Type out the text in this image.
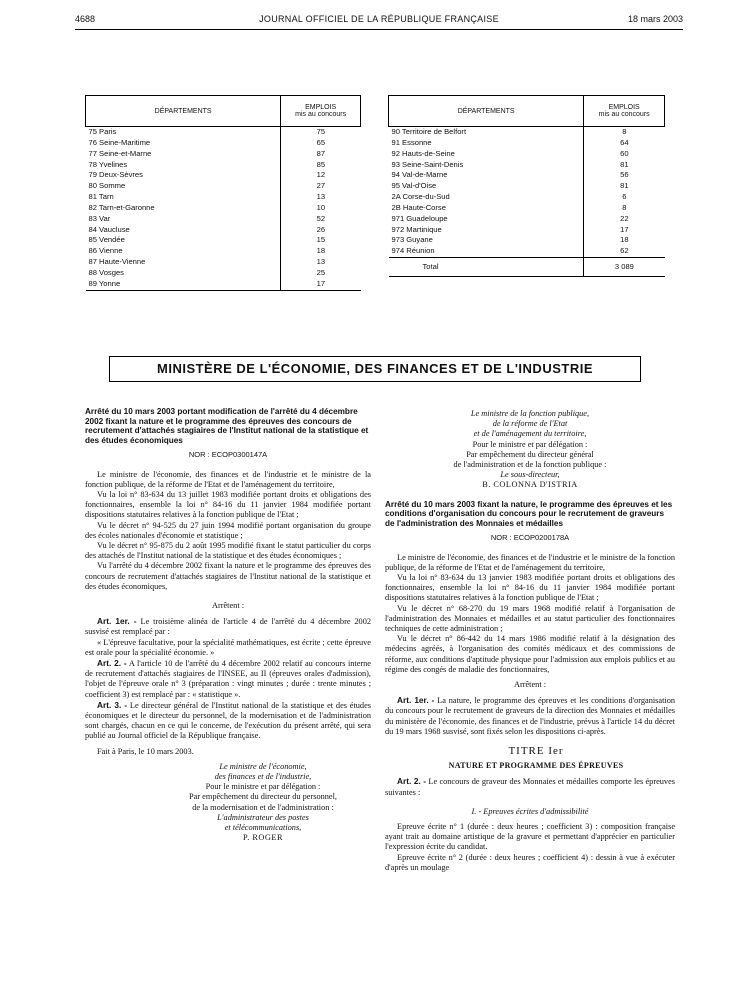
4688	JOURNAL OFFICIEL DE LA RÉPUBLIQUE FRANÇAISE	18 mars 2003
DÉPARTEMENTS	EMPLOIS
mis au concours

75 Paris	75
76 Seine-Maritime	65
77 Seine-et-Marne	87
78 Yvelines	85
79 Deux-Sèvres	12
80 Somme	27
81 Tarn	13
82 Tarn-et-Garonne	10
83 Var	52
84 Vaucluse	26
85 Vendée	15
86 Vienne	18
87 Haute-Vienne	13
88 Vosges	25
89 Yonne	17
DÉPARTEMENTS	EMPLOIS
mis au concours

90 Territoire de Belfort	8
91 Essonne	64
92 Hauts-de-Seine	60
93 Seine-Saint-Denis	81
94 Val-de-Marne	56
95 Val-d'Oise	81
2A Corse-du-Sud	6
2B Haute-Corse	8
971 Guadeloupe	22
972 Martinique	17
973 Guyane	18
974 Réunion	62
Total	3 089
MINISTÈRE DE L'ÉCONOMIE, DES FINANCES ET DE L'INDUSTRIE

Arrêté du 10 mars 2003 portant modification de l'arrêté du 4 décembre 2002 fixant la nature et le programme des épreuves des concours de recrutement d'attachés stagiaires de l'Institut national de la statistique et des études économiques

NOR : ECOP0300147A

Le ministre de l'économie, des finances et de l'industrie et le ministre de la fonction publique, de la réforme de l'Etat et de l'aménagement du territoire,

Vu la loi n° 83-634 du 13 juillet 1983 modifiée portant droits et obligations des fonctionnaires, ensemble la loi n° 84-16 du 11 janvier 1984 modifiée portant dispositions statutaires relatives à la fonction publique de l'Etat ;

Vu le décret n° 94-525 du 27 juin 1994 modifié portant organisation du groupe des écoles nationales d'économie et statistique ;

Vu le décret n° 95-875 du 2 août 1995 modifié fixant le statut particulier du corps des attachés de l'Institut national de la statistique et des études économiques ;

Vu l'arrêté du 4 décembre 2002 fixant la nature et le programme des épreuves des concours de recrutement d'attachés stagiaires de l'Institut national de la statistique et des études économiques,

Arrêtent :

Art. 1er. - Le troisième alinéa de l'article 4 de l'arrêté du 4 décembre 2002 susvisé est remplacé par :

« L'épreuve facultative, pour la spécialité mathématiques, est écrite ; cette épreuve est orale pour la spécialité économie. »

Art. 2. - A l'article 10 de l'arrêté du 4 décembre 2002 relatif au concours interne de recrutement d'attachés stagiaires de l'INSEE, au II (épreuves orales d'admission), l'objet de l'épreuve orale n° 3 (préparation : vingt minutes ; durée : trente minutes ; coefficient 3) est remplacé par : « statistique ».

Art. 3. - Le directeur général de l'Institut national de la statistique et des études économiques et le directeur du personnel, de la modernisation et de l'administration sont chargés, chacun en ce qui le concerne, de l'exécution du présent arrêté, qui sera publié au Journal officiel de la République française.

Fait à Paris, le 10 mars 2003.

Le ministre de l'économie,

des finances et de l'industrie,

Pour le ministre et par délégation :

Par empêchement du directeur du personnel,

de la modernisation et de l'administration :

L'administrateur des postes

et télécommunications,

P. ROGER

Le ministre de la fonction publique,

de la réforme de l'Etat

et de l'aménagement du territoire,

Pour le ministre et par délégation :

Par empêchement du directeur général

de l'administration et de la fonction publique :

Le sous-directeur,

B. COLONNA D'ISTRIA

Arrêté du 10 mars 2003 fixant la nature, le programme des épreuves et les conditions d'organisation du concours pour le recrutement de graveurs de l'administration des Monnaies et médailles

NOR : ECOP0200178A

Le ministre de l'économie, des finances et de l'industrie et le ministre de la fonction publique, de la réforme de l'Etat et de l'aménagement du territoire,

Vu la loi n° 83-634 du 13 janvier 1983 modifiée portant droits et obligations des fonctionnaires, ensemble la loi n° 84-16 du 11 janvier 1984 modifiée portant dispositions statutaires relatives à la fonction publique de l'Etat ;

Vu le décret n° 68-270 du 19 mars 1968 modifié relatif à l'organisation de l'administration des Monnaies et médailles et au statut particulier des fonctionnaires techniques de cette administration ;

Vu le décret n° 86-442 du 14 mars 1986 modifié relatif à la désignation des médecins agréés, à l'organisation des comités médicaux et des commissions de réforme, aux conditions d'aptitude physique pour l'admission aux emplois publics et au régime des congés de maladie des fonctionnaires,

Arrêtent :

Art. 1er. - La nature, le programme des épreuves et les conditions d'organisation du concours pour le recrutement de graveurs de la direction des Monnaies et médailles du ministère de l'économie, des finances et de l'industrie, prévus à l'article 14 du décret du 19 mars 1968 susvisé, sont fixés selon les dispositions ci-après.

TITRE Ier

NATURE ET PROGRAMME DES ÉPREUVES

Art. 2. - Le concours de graveur des Monnaies et médailles comporte les épreuves suivantes :

I. - Epreuves écrites d'admissibilité

Epreuve écrite n° 1 (durée : deux heures ; coefficient 3) : composition française ayant trait au domaine artistique de la gravure et permettant d'apprécier en particulier l'expression écrite du candidat.

Epreuve écrite n° 2 (durée : deux heures ; coefficient 4) : dessin à vue à exécuter d'après un moulage
